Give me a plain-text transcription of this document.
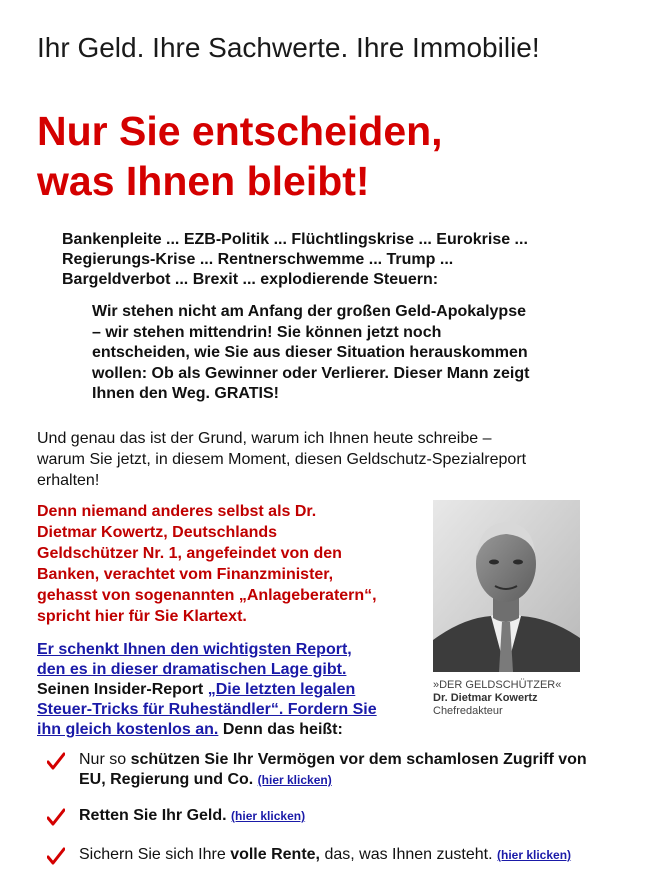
Ihr Geld. Ihre Sachwerte. Ihre Immobilie!
Nur Sie entscheiden,
was Ihnen bleibt!
Bankenpleite ... EZB-Politik ... Flüchtlingskrise ... Eurokrise ...
Regierungs-Krise ... Rentnerschwemme ... Trump ...
Bargeldverbot ... Brexit ... explodierende Steuern:
Wir stehen nicht am Anfang der großen Geld-Apokalypse
– wir stehen mittendrin! Sie können jetzt noch
entscheiden, wie Sie aus dieser Situation herauskommen
wollen: Ob als Gewinner oder Verlierer. Dieser Mann zeigt
Ihnen den Weg. GRATIS!
Und genau das ist der Grund, warum ich Ihnen heute schreibe –
warum Sie jetzt, in diesem Moment, diesen Geldschutz-Spezialreport
erhalten!
Denn niemand anderes selbst als Dr.
Dietmar Kowertz, Deutschlands
Geldschützer Nr. 1, angefeindet von den
Banken, verachtet vom Finanzminister,
gehasst von sogenannten „Anlageberatern“,
spricht hier für Sie Klartext.
»DER GELDSCHÜTZER«
Dr. Dietmar Kowertz
Chefredakteur
Er schenkt Ihnen den wichtigsten Report,
den es in dieser dramatischen Lage gibt.
Seinen Insider-Report „Die letzten legalen
Steuer-Tricks für Ruheständler“. Fordern Sie
ihn gleich kostenlos an. Denn das heißt:
Nur so schützen Sie Ihr Vermögen vor dem schamlosen Zugriff von EU, Regierung und Co. (hier klicken)
Retten Sie Ihr Geld. (hier klicken)
Sichern Sie sich Ihre volle Rente, das, was Ihnen zusteht. (hier klicken)
